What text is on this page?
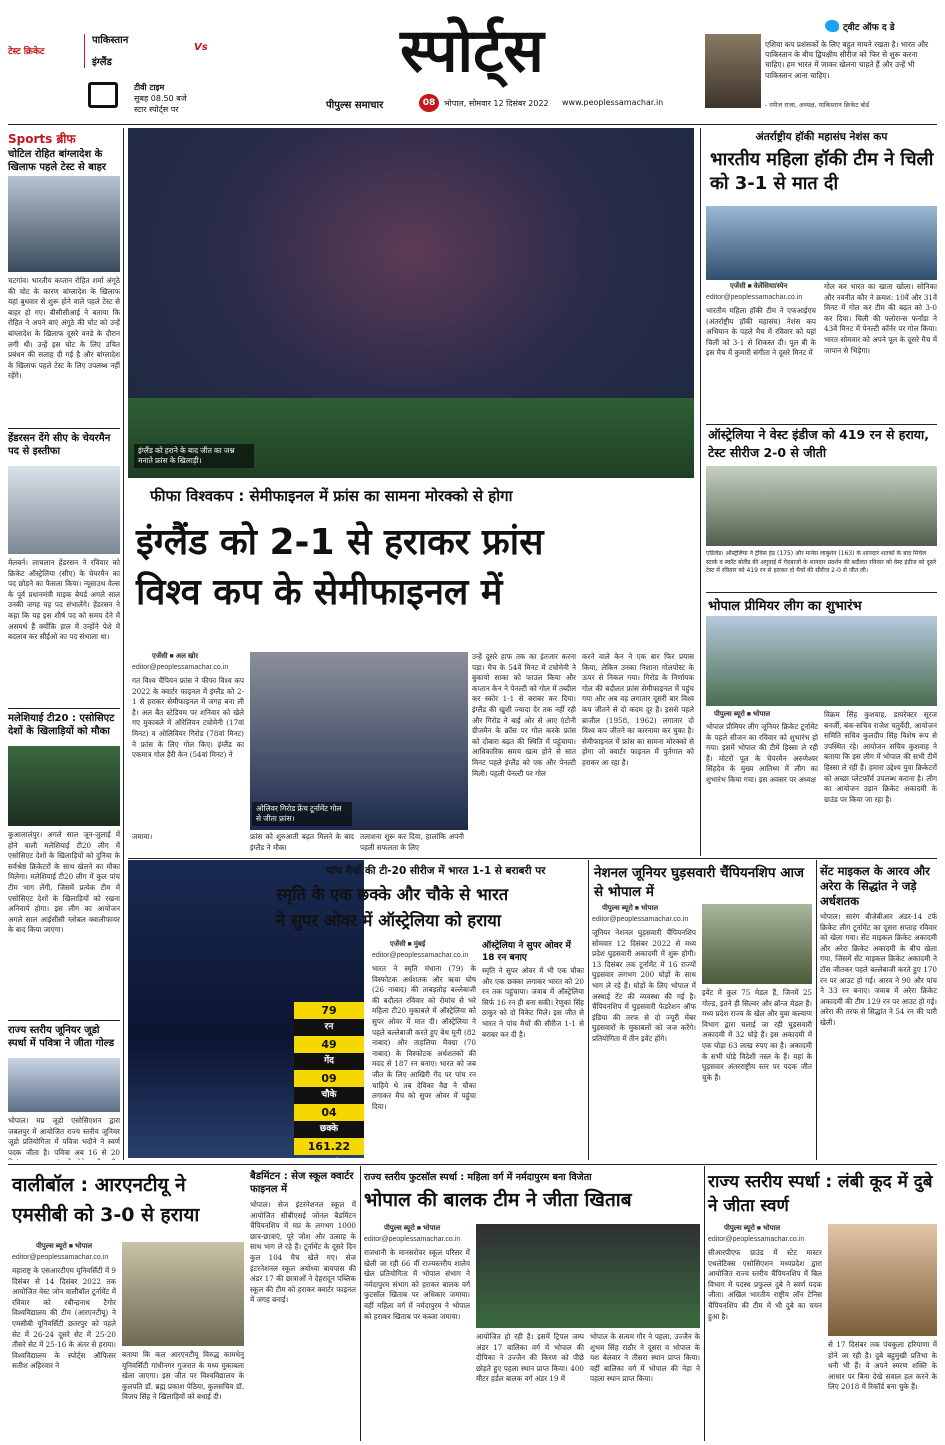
टेस्ट क्रिकेट
पाकिस्तान
Vs
इंग्लैंड
टीवी टाइम
सुबह 08.50 बजे
स्टार स्पोर्ट्स पर
स्पोर्ट्स
पीपुल्स समाचार	08	भोपाल, सोमवार 12 दिसंबर 2022 www.peoplessamachar.in
ट्वीट ऑफ द डे
एशिया कप प्रशंसकों के लिए बहुत मायने रखता है। भारत और पाकिस्तान के बीच द्विपक्षीय सीरीज को फिर से शुरू करना चाहिए। हम भारत में जाकर खेलना चाहते हैं और उन्हें भी पाकिस्तान आना चाहिए।
- रमीज राजा, अध्यक्ष, पाकिस्तान क्रिकेट बोर्ड
Sports ब्रीफ
चोटिल रोहित बांग्लादेश के खिलाफ पहले टेस्ट से बाहर
चटगांव। भारतीय कप्तान रोहित शर्मा अंगूठे की चोट के कारण बांग्लादेश के खिलाफ यहां बुधवार से शुरू होने वाले पहले टेस्ट से बाहर हो गए। बीसीसीआई ने बताया कि रोहित ने अपने बाएं अंगूठे की चोट को उन्हें बांग्लादेश के खिलाफ दूसरे वनडे के दौरान लगी थी। उन्हें इस चोट के लिए उचित प्रबंधन की सलाह दी गई है और बांग्लादेश के खिलाफ पहले टेस्ट के लिए उपलब्ध नहीं रहेंगे।
हेंडरसन देंगे सीए के चेयरमैन पद से इस्तीफा
मेलबर्न। लाचलान हेंडरसन ने रविवार को क्रिकेट ऑस्ट्रेलिया (सीए) के चेयरमैन का पद छोड़ने का फैसला किया। न्यूसाउथ वेल्स के पूर्व प्रधानमंत्री माइक बेयर्ड अगले साल उनकी जगह यह पद संभालेंगे। हेंडरसन ने कहा कि यह इस शीर्ष पद को समय देने में असमर्थ हैं क्योंकि हाल में उन्होंने पेशे में बदलाव कर सीईओ का पद संभाला था।
मलेशियाई टी20 : एसोसिएट देशों के खिलाड़ियों को मौका
कुआलालंपुर। अगले साल जून-जुलाई में होने वाली मलेशियाई टी20 लीग में एसोसिएट देशों के खिलाड़ियों को दुनिया के सर्वश्रेष्ठ क्रिकेटरों के साथ खेलने का मौका मिलेगा। मलेशियाई टी20 लीग में कुल पांच टीम भाग लेंगी, जिसमें प्रत्येक टीम में एसोसिएट देशों के खिलाड़ियों को रखना अनिवार्य होगा। इस लीग का आयोजन अगले साल आईसीसी ग्लोबल क्वालीफायर के बाद किया जाएगा।
राज्य स्तरीय जूनियर जूडो स्पर्धा में पवित्रा ने जीता गोल्ड
भोपाल। मप्र जूडो एसोसिएशन द्वारा जबलपुर में आयोजित राज्य स्तरीय जूनियर जूडो प्रतियोगिता में पवित्रा भदौने ने स्वर्ण पदक जीता है। पवित्रा अब 16 से 20
इंग्लैंड को हराने के बाद जीत का जश्न मनाते फ्रांस के खिलाड़ी।
फीफा विश्वकप : सेमीफाइनल में फ्रांस का सामना मोरक्को से होगा
इंग्लैंड को 2-1 से हराकर फ्रांस
विश्व कप के सेमीफाइनल में
एजेंसी ■ अल खोर
editor@peoplessamachar.co.in
गत विश्व चैंपियन फ्रांस ने फीफा विश्व कप 2022 के क्वार्टर फाइनल में इंग्लैंड को 2-1 से हराकर सेमीफाइनल में जगह बना ली है। अल बैत स्टेडियम पर शनिवार को खेले गए मुकाबले में ऑरेलियन टचोमेनी (17वां मिनट) व ओलिवियर गिरोड (78वां मिनट) ने फ्रांस के लिए गोल किए। इंग्लैंड का एकमात्र गोल हैरी केन (54वां मिनट) ने
ओलिवर गिरोड फ्रेंच टूर्नामेंट गोल से जीता फ्रांस।
फ्रांस को शुरुआती बढ़त मिलने के बाद इंग्लैंड ने मौका
जमाया।	तलाशना शुरू कर दिया, हालांकि अपनी पहली सफलता के लिए
उन्हें दूसरे हाफ तक का इंतजार करना पड़ा। मैच के 54वें मिनट में टचोमेनी ने बुकायो साका को फाउल किया और कप्तान केन ने पेनल्टी को गोल में तब्दील कर स्कोर 1-1 से बराबर कर दिया। इंग्लैंड की खुशी ज्यादा देर तक नहीं रही और गिरोड ने बाई ओर से आए एंटोनी ग्रीजमैन के क्रॉस पर गोल करके फ्रांस को दोबारा बढ़त की स्थिति में पहुंचाया। आधिकारिक समय खत्म होने से सात मिनट पहले इंग्लैंड को एक और पेनल्टी मिली। पहली पेनल्टी पर गोल
करने वाले केन ने एक बार फिर प्रयास किया, लेकिन उनका निशाना गोलपोस्ट के ऊपर से निकल गया। गिरोड के निर्णायक गोल की बदौलत फ्रांस सेमीफाइनल में पहुंच गया और अब वह लगातार दूसरी बार विश्व कप जीतने से दो कदम दूर है। इससे पहले ब्राजील (1958, 1962) लगातार दो विश्व कप जीतने का कारनामा कर चुका है। सेमीफाइनल में फ्रांस का सामना मोरक्को से होगा जो क्वार्टर फाइनल में पुर्तगाल को हराकर आ रहा है।
अंतर्राष्ट्रीय हॉकी महासंघ नेशंस कप
भारतीय महिला हॉकी टीम ने चिली को 3-1 से मात दी
एजेंसी ■ वेलेंसिया/स्पेन
editor@peoplessamachar.co.in
भारतीय महिला हॉकी टीम ने एफआईएच (अंतर्राष्ट्रीय हॉकी महासंघ) नेशंस कप अभियान के पहले मैच में रविवार को यहां चिली को 3-1 से शिकस्त दी। पूल बी के इस मैच में कुमारी संगीता ने दूसरे मिनट में
गोल कर भारत का खाता खोला। सोनिका और नवनीत कौर ने क्रमश: 10वें और 31वें मिनट में गोल कर टीम की बढ़त को 3-0 कर दिया। चिली की फ्लोरान्स फर्नांडा ने 43वें मिनट में पेनल्टी कॉर्नर पर गोल किया। भारत सोमवार को अपने पूल के दूसरे मैच में जापान से भिड़ेगा।
ऑस्ट्रेलिया ने वेस्ट इंडीज को 419 रन से हराया, टेस्ट सीरीज 2-0 से जीती
एडिलेड। ऑस्ट्रेलिया ने ट्रेविस हेड (175) और मार्नस लाबुशेन (163) के शानदार शतकों के बाद मिचेल स्टार्क व स्कॉट बोलैंड की अगुवाई में गेंदबाजों के शानदार प्रदर्शन की बदौलत रविवार को वेस्ट इंडीज को दूसरे टेस्ट में रविवार को 419 रन से हराकर दो मैचों की सीरीज 2-0 से जीत ली।
भोपाल प्रीमियर लीग का शुभारंभ
पीपुल्स ब्यूरो ■ भोपाल
भोपाल प्रीमियर लीग जूनियर क्रिकेट टूर्नामेंट के पहले सीजन का रविवार को शुभारंभ हो गया। इसमें भोपाल की टीमें हिस्सा ले रही हैं। मोटरों पूल के चेयरमैन अरुणेश्वर सिंहदेव के मुख्य आतिथ्य में लीग का शुभारंभ किया गया। इस अवसर पर अध्यक्ष
विक्रम सिंह कुशवाह, डायरेक्टर सूरज बनर्जी, बंक-सचिव राजेश चतुर्वेदी, आयोजन समिति सचिव कुलदीप सिंह विशेष रूप से उपस्थित रहे। आयोजन सचिव कुशवाह ने बताया कि इस लीग में भोपाल की सभी टीमें हिस्सा ले रही हैं। हमारा उद्देश्य युवा क्रिकेटरों को अच्छा प्लेटफॉर्म उपलब्ध कराना है। लीग का आयोजन उड़ान क्रिकेट अकादमी के ग्राउंड पर किया जा रहा है।
79
रन
49
गेंद
09
चौके
04
छक्के
161.22
पांच मैचों की टी-20 सीरीज में भारत 1-1 से बराबरी पर
स्मृति के एक छक्के और चौके से भारत
ने सुपर ओवर में ऑस्ट्रेलिया को हराया
एजेंसी ■ मुंबई
editor@peoplessamachar.co.in
भारत ने स्मृति मंधाना (79) के विस्फोटक अर्धशतक और ऋचा घोष (26 नाबाद) की ताबड़तोड़ बल्लेबाजी की बदौलत रविवार को रोमांच से भरे महिला टी20 मुकाबले में ऑस्ट्रेलिया को सुपर ओवर में मात दी। ऑस्ट्रेलिया ने पहले बल्लेबाजी करते हुए बेथ मूनी (82 नाबाद) और ताहलिया मैक्ग्रा (70 नाबाद) के विस्फोटक अर्धशतकों की मदद से 187 रन बनाए। भारत को जब जीत के लिए आखिरी गेंद पर पांच रन चाहिये थे तब देविका वैद्य ने चौका लगाकर मैच को सुपर ओवर में पहुंचा दिया।
ऑस्ट्रेलिया ने सुपर ओवर में 18 रन बनाए
स्मृति ने सुपर ओवर में भी एक चौका और एक छक्का लगाकर भारत को 20 रन तक पहुंचाया। जवाब में ऑस्ट्रेलिया सिर्फ 16 रन ही बना सकी। रेणुका सिंह ठाकुर को दो विकेट मिले। इस जीत से भारत ने पांच मैचों की सीरीज 1-1 से बराबर कर दी है।
नेशनल जूनियर घुड़सवारी चैंपियनशिप आज से भोपाल में
पीपुल्स ब्यूरो ■ भोपाल
editor@peoplessamachar.co.in
जूनियर नेशनल घुड़सवारी चैंपियनशिप सोमवार 12 दिसंबर 2022 से मध्य प्रदेश घुड़सवारी अकादमी में शुरू होगी। 13 दिसंबर तक टूर्नामेंट में 16 राज्यों घुड़सवार लगभग 200 घोड़ों के साथ भाग ले रहे हैं। घोड़ों के लिए भोपाल में अस्थाई टेंट की व्यवस्था की गई है। चैंपियनशिप में घुड़सवारी फेडरेशन ऑफ इंडिया की तरफ से दो ज्यूरी मेंबर घुड़सवारों के मुकाबलों को जज करेंगे। प्रतियोगिता में तीन इवेंट होंगे।
इवेंट में कुल 75 मेडल हैं, जिनमें 25 गोल्ड, इतने ही सिल्वर और ब्रॉन्ज मेडल हैं। मध्य प्रदेश राज्य के खेल और युवा कल्याण विभाग द्वारा चलाई जा रही घुड़सवारी अकादमी में 32 घोड़े हैं। इस अकादमी में एक घोड़ा 63 लाख रुपए का है। अकादमी के सभी घोड़े विदेशी नस्ल के हैं। यहां के घुड़सवार अंतरराष्ट्रीय स्तर पर पदक जीत चुके हैं।
सेंट माइकल के आरव और अरेरा के सिद्धांत ने जड़े अर्धशतक
भोपाल। सारंग बीजेबीआर अंडर-14 टर्फ क्रिकेट लीग टूर्नामेंट का दूसरा सप्ताह रविवार को खेला गया। सेंट माइकल क्रिकेट अकादमी और अरेरा क्रिकेट अकादमी के बीच खेला गया, जिसमें सेंट माइकल क्रिकेट अकादमी ने टॉस जीतकर पहले बल्लेबाजी करते हुए 170 रन पर आउट हो गई। आरव ने 90 और पांच ने 33 रन बनाए। जवाब में अरेरा क्रिकेट अकादमी की टीम 129 रन पर आउट हो गई। अरेरा की तरफ से सिद्धांत ने 54 रन की पारी खेली।
वालीबॉल : आरएनटीयू ने एमसीबी को 3-0 से हराया
पीपुल्स ब्यूरो ■ भोपाल
editor@peoplessamachar.co.in
महाराष्ट्र के एसआरटीएम यूनिवर्सिटी में 9 दिसंबर से 14 दिसंबर 2022 तक आयोजित वेस्ट जोन वालीबॉल टूर्नामेंट में रविवार को रबीन्द्रनाथ टैगोर विश्वविद्यालय की टीम (आरएनटीयू) ने एमसीबी यूनिवर्सिटी छतरपुर को पहले सेट में 26-24 दूसरे सेट में 25-20 तीसरे सेट में 25-16 के अंतर से हराया। विश्वविद्यालय के स्पोर्ट्स ऑफिसर सतीश अहिरवार ने
बताया कि कल आरएनटीयू विरुद्ध कामधेनु यूनिवर्सिटी गांधीनगर गुजरात के मध्य मुकाबला खेला जाएगा। इस जीत पर विश्वविद्यालय के कुलपति डॉ. ब्रह्म प्रकाश पेठिया, कुलसचिव डॉ. विजय सिंह ने खिलाड़ियों को बधाई दी।
बैडमिंटन : सेज स्कूल क्वार्टर फाइनल में
भोपाल। सेज इंटरनेशनल स्कूल में आयोजित सीबीएसई जोनल बैडमिंटन चैंपियनशिप में मप्र के लगभग 1000 छात्र-छात्राएं, पूरे जोश और उत्साह के साथ भाग ले रहे हैं। टूर्नामेंट के दूसरे दिन कुल 104 मैच खेले गए। सेज इंटरनेशनल स्कूल अयोध्या बायपास की अंडर 17 की छात्राओं ने देहरादून पब्लिक स्कूल की टीम को हराकर क्वार्टर फाइनल में जगह बनाई।
राज्य स्तरीय फुटसॉल स्पर्धा : महिला वर्ग में नर्मदापुरम बना विजेता
भोपाल की बालक टीम ने जीता खिताब
पीपुल्स ब्यूरो ■ भोपाल
editor@peoplessamachar.co.in
राजधानी के मानसरोवर स्कूल परिसर में खेली जा रही 66 वीं राज्यस्तरीय शालेय खेल प्रतियोगिता में भोपाल संभाग ने नर्मदापुरम संभाग को हराकर बालक वर्ग फुटसॉल खिताब पर अधिकार जमाया। वहीं महिला वर्ग में नर्मदापुरम ने भोपाल को हराकर खिताब पर कब्जा जमाया।
आयोजित हो रही है। इसमें ट्रिपल जम्प अंडर 17 बालिका वर्ग में भोपाल की दीपिका ने उज्जैन की किरण को पीछे छोड़ते हुए पहला स्थान प्राप्त किया। 400 मीटर हर्डल बालक वर्ग अंडर 19 में
भोपाल के सत्यम गौर ने पहला, उज्जैन के शुभम सिंह राठौर ने दूसरा व भोपाल के यश बेलवार ने तीसरा स्थान प्राप्त किया। वहीं बालिका वर्ग में भोपाल की नेहा ने पहला स्थान प्राप्त किया।
राज्य स्तरीय स्पर्धा : लंबी कूद में दुबे ने जीता स्वर्ण
पीपुल्स ब्यूरो ■ भोपाल
editor@peoplessamachar.co.in
सीआरपीएफ ग्राउंड में स्टेट मास्टर एथलेटिक्स एसोसिएशन मध्यप्रदेश द्वारा आयोजित राज्य स्तरीय चैंपियनशिप में बिल विभाग में पदस्थ प्रफुल्ल दुबे ने स्वर्ण पदक जीता। अखिल भारतीय राष्ट्रीय लॉन टेनिस चैंपियनशिप की टीम में भी दुबे का चयन हुआ है।
से 17 दिसंबर तक पंचकुला हरियाणा में होने जा रही है। दुबे बहुमुखी प्रतिभा के धनी भी हैं। वे अपने स्मरण शक्ति के आधार पर बिना देखे सवाल हल करने के लिए 2018 में रिकॉर्ड बना चुके हैं।
